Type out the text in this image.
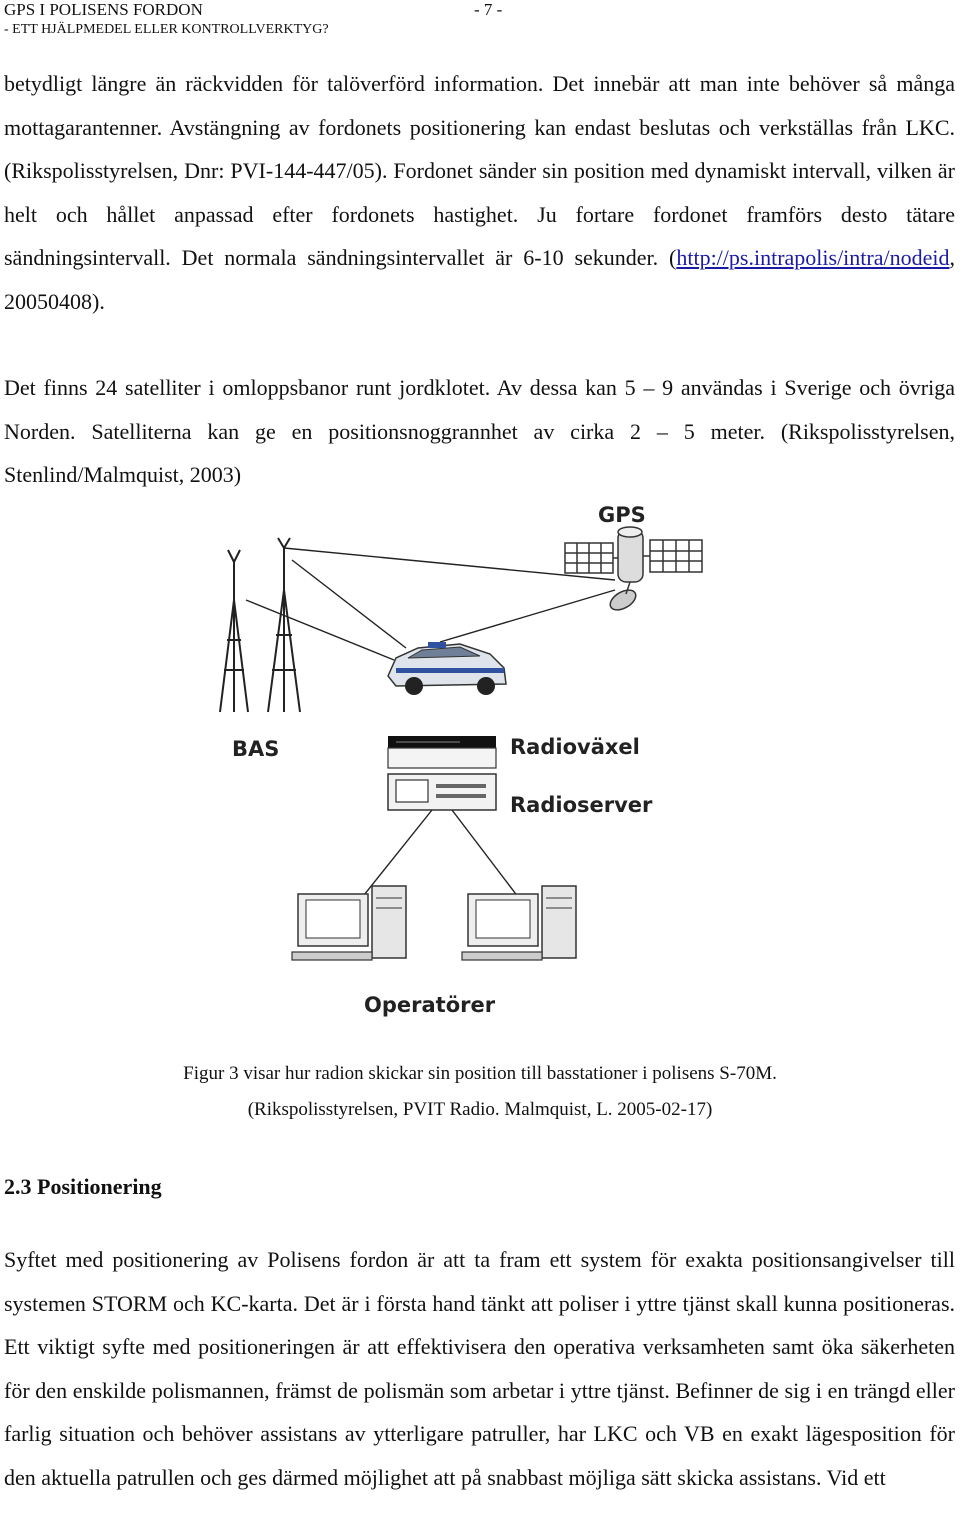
GPS I POLISENS FORDON	- 7 -
- ETT HJÄLPMEDEL ELLER KONTROLLVERKTYG?
betydligt längre än räckvidden för talöverförd information. Det innebär att man inte behöver så många mottagarantenner. Avstängning av fordonets positionering kan endast beslutas och verkställas från LKC. (Rikspolisstyrelsen, Dnr: PVI-144-447/05). Fordonet sänder sin position med dynamiskt intervall, vilken är helt och hållet anpassad efter fordonets hastighet. Ju fortare fordonet framförs desto tätare sändningsintervall. Det normala sändningsintervallet är 6-10 sekunder. (http://ps.intrapolis/intra/nodeid, 20050408).
Det finns 24 satelliter i omloppsbanor runt jordklotet. Av dessa kan 5 – 9 användas i Sverige och övriga Norden. Satelliterna kan ge en positionsnoggrannhet av cirka 2 – 5 meter. (Rikspolisstyrelsen, Stenlind/Malmquist, 2003)
GPS
BAS	Radioväxel
Radioserver
Operatörer
Figur 3 visar hur radion skickar sin position till basstationer i polisens S-70M.
(Rikspolisstyrelsen, PVIT Radio. Malmquist, L. 2005-02-17)
2.3 Positionering
Syftet med positionering av Polisens fordon är att ta fram ett system för exakta positionsangivelser till systemen STORM och KC-karta. Det är i första hand tänkt att poliser i yttre tjänst skall kunna positioneras. Ett viktigt syfte med positioneringen är att effektivisera den operativa verksamheten samt öka säkerheten för den enskilde polismannen, främst de polismän som arbetar i yttre tjänst. Befinner de sig i en trängd eller farlig situation och behöver assistans av ytterligare patruller, har LKC och VB en exakt lägesposition för den aktuella patrullen och ges därmed möjlighet att på snabbast möjliga sätt skicka assistans. Vid ett
